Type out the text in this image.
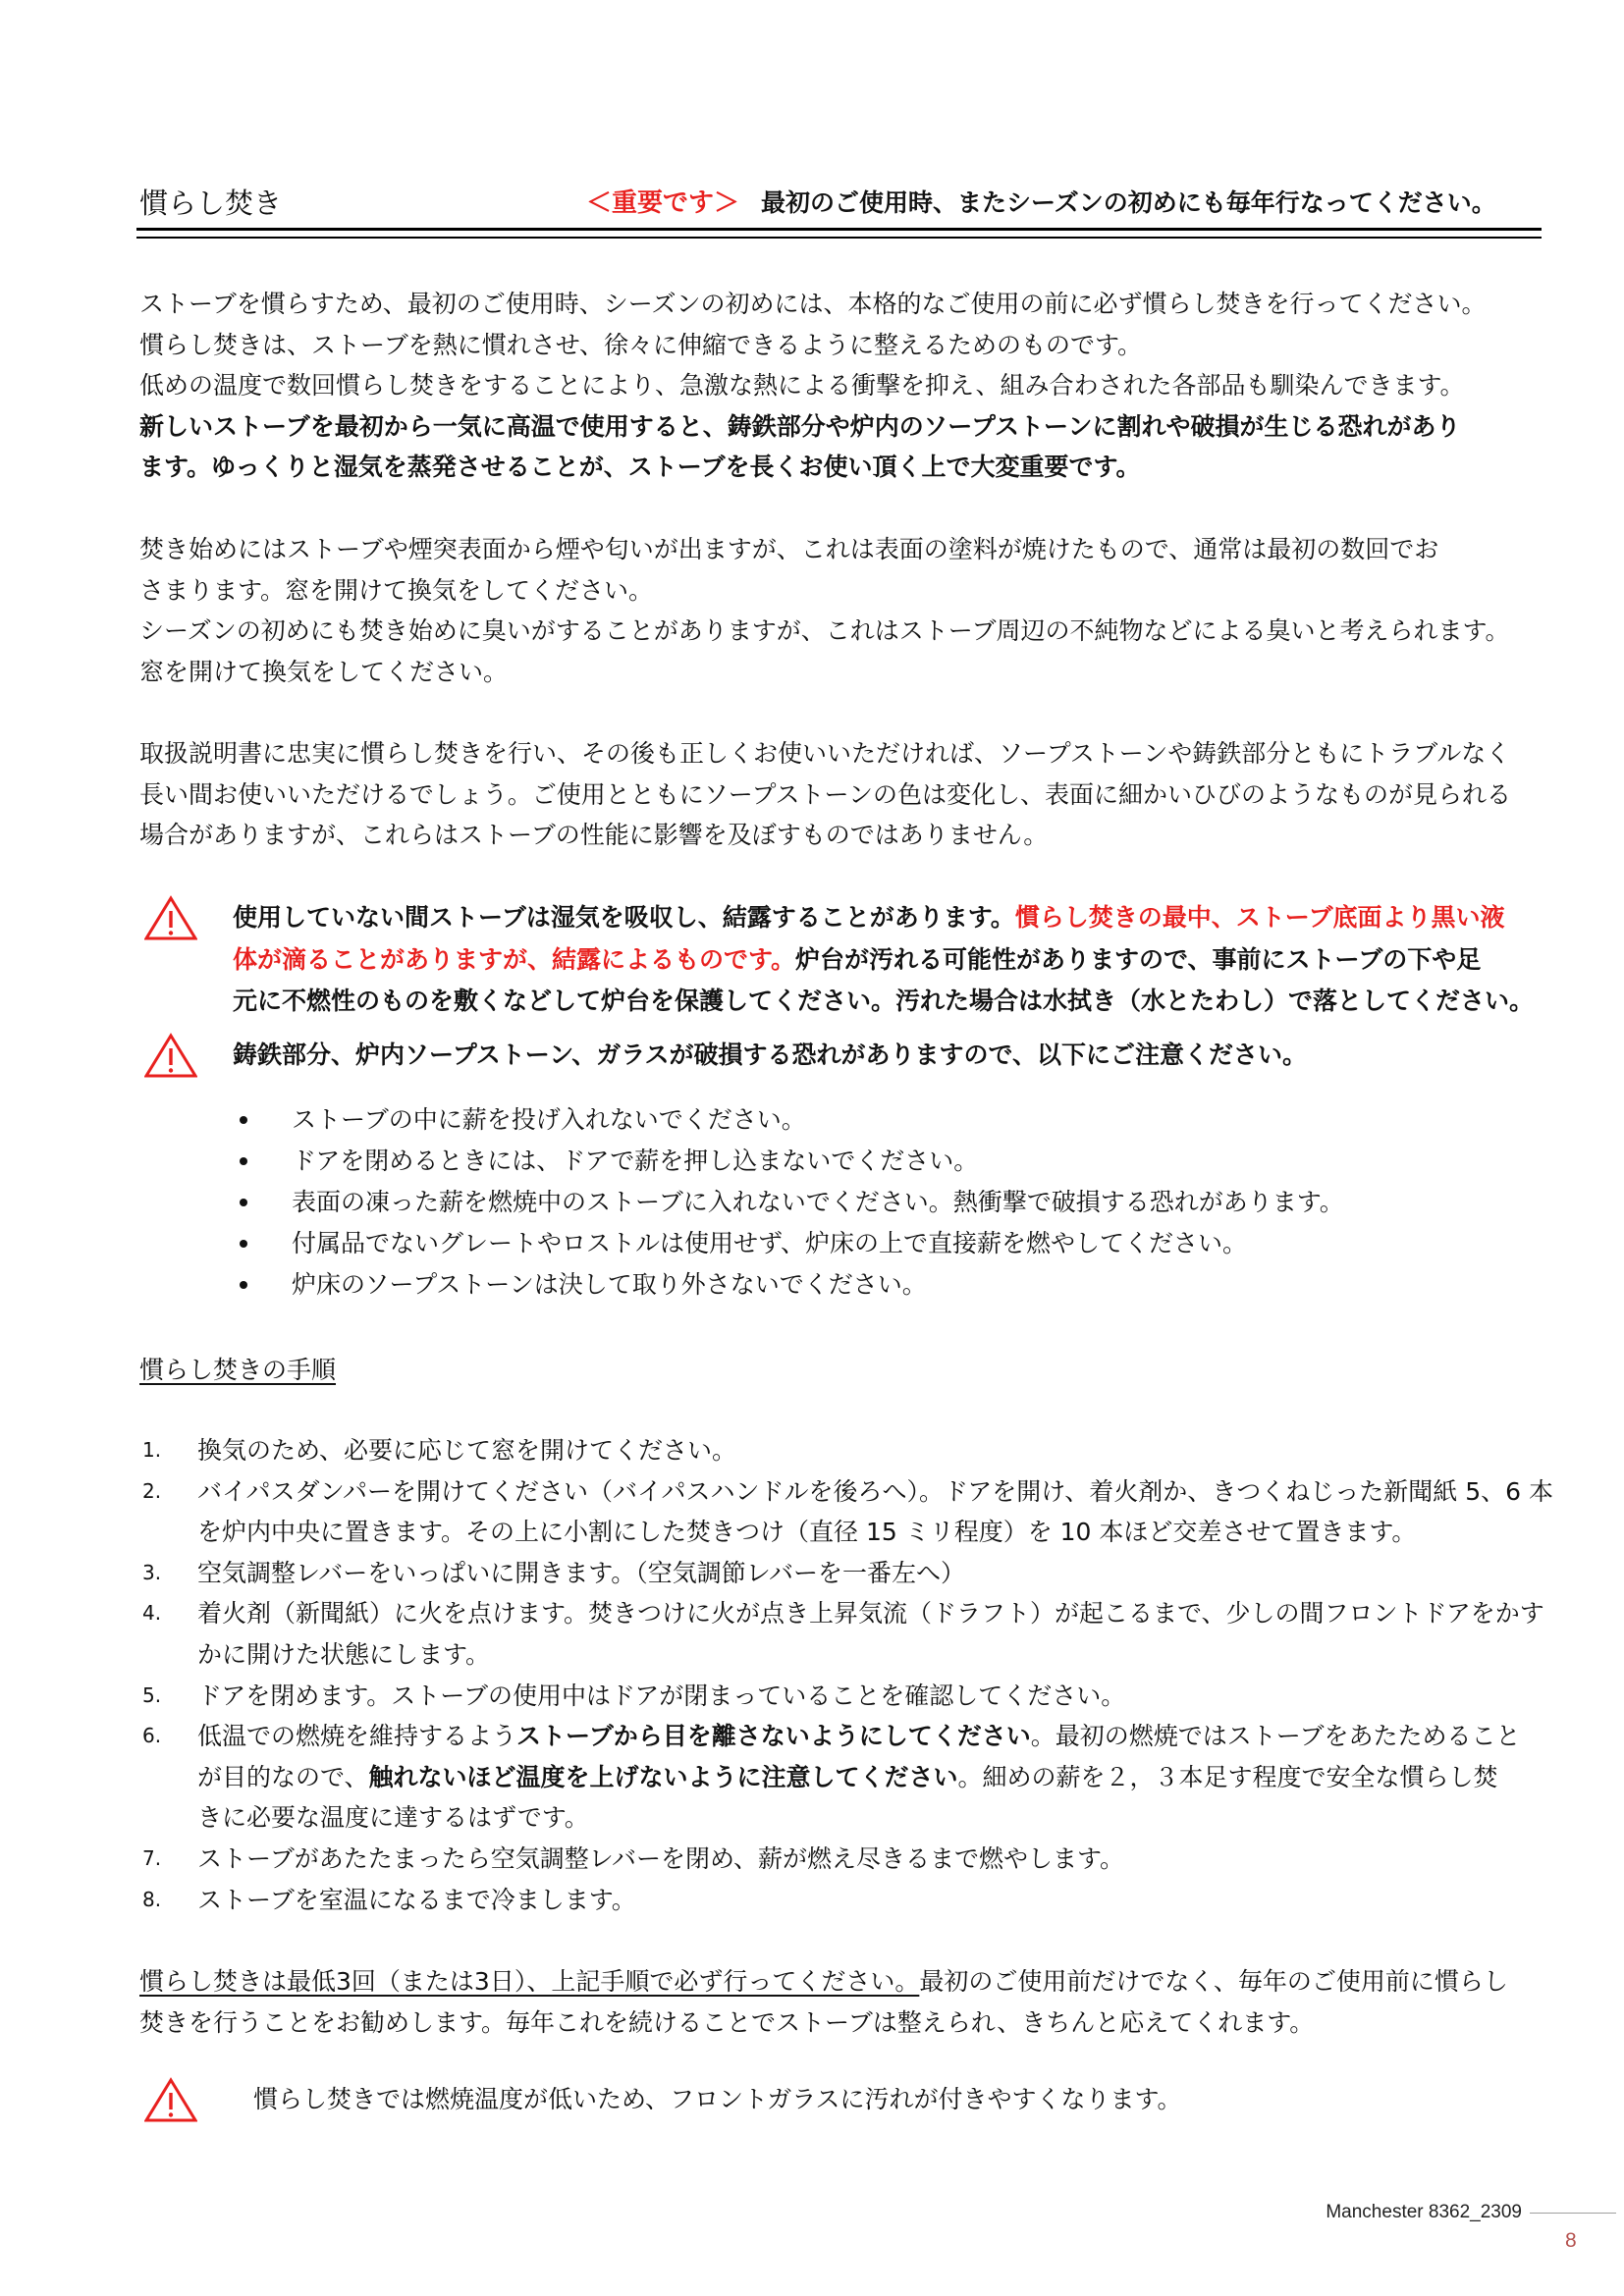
慣らし焚き	＜重要です＞ 最初のご使用時、またシーズンの初めにも毎年行なってください。
ストーブを慣らすため、最初のご使用時、シーズンの初めには、本格的なご使用の前に必ず慣らし焚きを行ってください。
慣らし焚きは、ストーブを熱に慣れさせ、徐々に伸縮できるように整えるためのものです。
低めの温度で数回慣らし焚きをすることにより、急激な熱による衝撃を抑え、組み合わされた各部品も馴染んできます。
新しいストーブを最初から一気に高温で使用すると、鋳鉄部分や炉内のソープストーンに割れや破損が生じる恐れがあり
ます。ゆっくりと湿気を蒸発させることが、ストーブを長くお使い頂く上で大変重要です。
焚き始めにはストーブや煙突表面から煙や匂いが出ますが、これは表面の塗料が焼けたもので、通常は最初の数回でお
さまります。窓を開けて換気をしてください。
シーズンの初めにも焚き始めに臭いがすることがありますが、これはストーブ周辺の不純物などによる臭いと考えられます。
窓を開けて換気をしてください。
取扱説明書に忠実に慣らし焚きを行い、その後も正しくお使いいただければ、ソープストーンや鋳鉄部分ともにトラブルなく
長い間お使いいただけるでしょう。ご使用とともにソープストーンの色は変化し、表面に細かいひびのようなものが見られる
場合がありますが、これらはストーブの性能に影響を及ぼすものではありません。
使用していない間ストーブは湿気を吸収し、結露することがあります。慣らし焚きの最中、ストーブ底面より黒い液
体が滴ることがありますが、結露によるものです。炉台が汚れる可能性がありますので、事前にストーブの下や足
元に不燃性のものを敷くなどして炉台を保護してください。汚れた場合は水拭き（水とたわし）で落としてください。
鋳鉄部分、炉内ソープストーン、ガラスが破損する恐れがありますので、以下にご注意ください。
ストーブの中に薪を投げ入れないでください。
ドアを閉めるときには、ドアで薪を押し込まないでください。
表面の凍った薪を燃焼中のストーブに入れないでください。熱衝撃で破損する恐れがあります。
付属品でないグレートやロストルは使用せず、炉床の上で直接薪を燃やしてください。
炉床のソープストーンは決して取り外さないでください。
慣らし焚きの手順
1. 換気のため、必要に応じて窓を開けてください。
2. バイパスダンパーを開けてください（バイパスハンドルを後ろへ）。ドアを開け、着火剤か、きつくねじった新聞紙 5、6 本
を炉内中央に置きます。その上に小割にした焚きつけ（直径 15 ミリ程度）を 10 本ほど交差させて置きます。
3. 空気調整レバーをいっぱいに開きます。（空気調節レバーを一番左へ）
4. 着火剤（新聞紙）に火を点けます。焚きつけに火が点き上昇気流（ドラフト）が起こるまで、少しの間フロントドアをかす
かに開けた状態にします。
5. ドアを閉めます。ストーブの使用中はドアが閉まっていることを確認してください。
6. 低温での燃焼を維持するようストーブから目を離さないようにしてください。最初の燃焼ではストーブをあたためること
が目的なので、触れないほど温度を上げないように注意してください。細めの薪を２，３本足す程度で安全な慣らし焚
きに必要な温度に達するはずです。
7. ストーブがあたたまったら空気調整レバーを閉め、薪が燃え尽きるまで燃やします。
8. ストーブを室温になるまで冷まします。
慣らし焚きは最低3回（または3日）、上記手順で必ず行ってください。最初のご使用前だけでなく、毎年のご使用前に慣らし
焚きを行うことをお勧めします。毎年これを続けることでストーブは整えられ、きちんと応えてくれます。
慣らし焚きでは燃焼温度が低いため、フロントガラスに汚れが付きやすくなります。
Manchester 8362_2309
8
